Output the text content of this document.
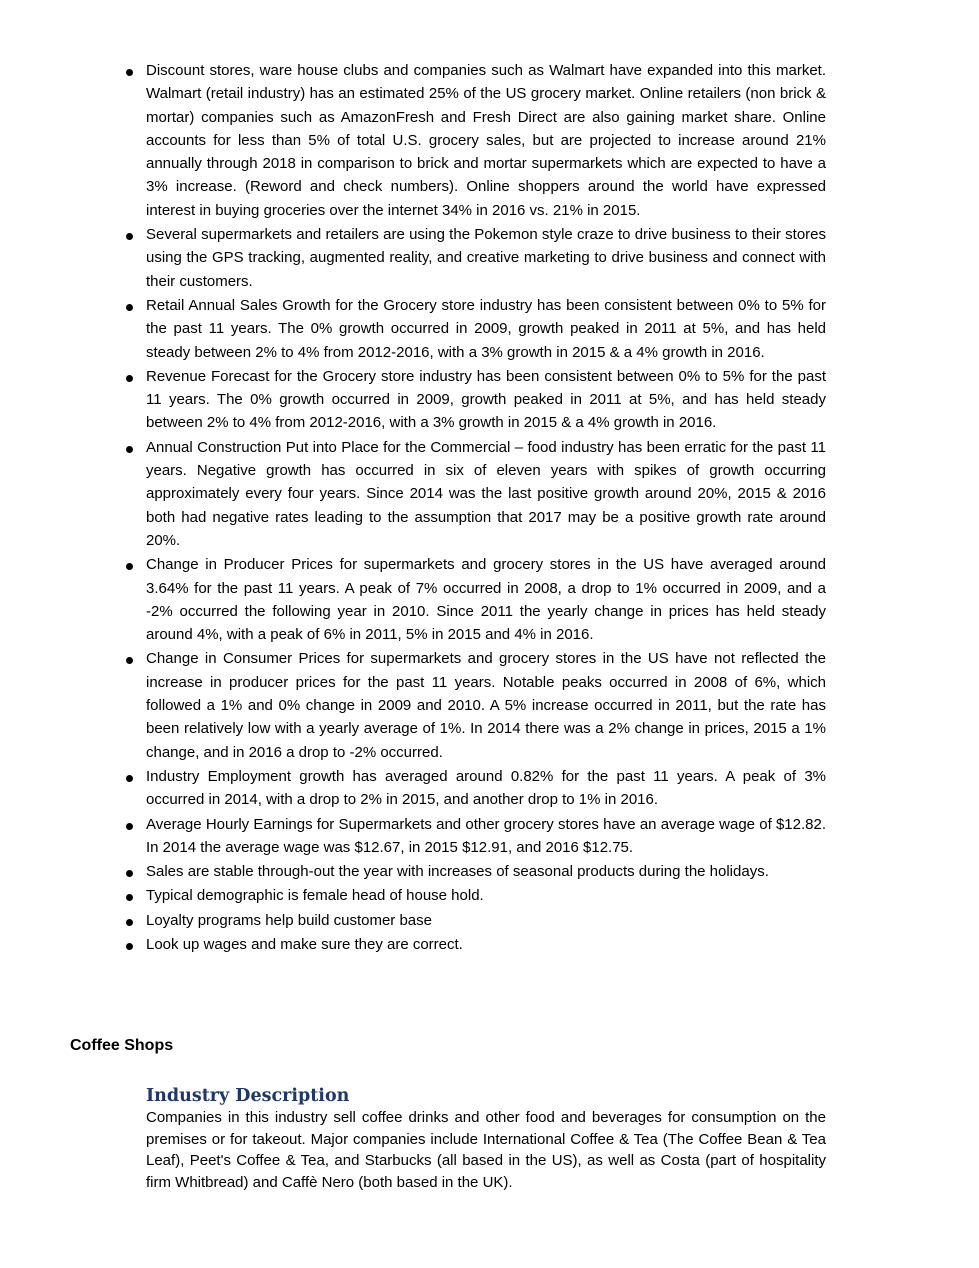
Discount stores, ware house clubs and companies such as Walmart have expanded into this market. Walmart (retail industry) has an estimated 25% of the US grocery market. Online retailers (non brick & mortar) companies such as AmazonFresh and Fresh Direct are also gaining market share. Online accounts for less than 5% of total U.S. grocery sales, but are projected to increase around 21% annually through 2018 in comparison to brick and mortar supermarkets which are expected to have a 3% increase. (Reword and check numbers). Online shoppers around the world have expressed interest in buying groceries over the internet 34% in 2016 vs. 21% in 2015.
Several supermarkets and retailers are using the Pokemon style craze to drive business to their stores using the GPS tracking, augmented reality, and creative marketing to drive business and connect with their customers.
Retail Annual Sales Growth for the Grocery store industry has been consistent between 0% to 5% for the past 11 years. The 0% growth occurred in 2009, growth peaked in 2011 at 5%, and has held steady between 2% to 4% from 2012-2016, with a 3% growth in 2015 & a 4% growth in 2016.
Revenue Forecast for the Grocery store industry has been consistent between 0% to 5% for the past 11 years. The 0% growth occurred in 2009, growth peaked in 2011 at 5%, and has held steady between 2% to 4% from 2012-2016, with a 3% growth in 2015 & a 4% growth in 2016.
Annual Construction Put into Place for the Commercial – food industry has been erratic for the past 11 years. Negative growth has occurred in six of eleven years with spikes of growth occurring approximately every four years. Since 2014 was the last positive growth around 20%, 2015 & 2016 both had negative rates leading to the assumption that 2017 may be a positive growth rate around 20%.
Change in Producer Prices for supermarkets and grocery stores in the US have averaged around 3.64% for the past 11 years. A peak of 7% occurred in 2008, a drop to 1% occurred in 2009, and a -2% occurred the following year in 2010. Since 2011 the yearly change in prices has held steady around 4%, with a peak of 6% in 2011, 5% in 2015 and 4% in 2016.
Change in Consumer Prices for supermarkets and grocery stores in the US have not reflected the increase in producer prices for the past 11 years. Notable peaks occurred in 2008 of 6%, which followed a 1% and 0% change in 2009 and 2010. A 5% increase occurred in 2011, but the rate has been relatively low with a yearly average of 1%. In 2014 there was a 2% change in prices, 2015 a 1% change, and in 2016 a drop to -2% occurred.
Industry Employment growth has averaged around 0.82% for the past 11 years. A peak of 3% occurred in 2014, with a drop to 2% in 2015, and another drop to 1% in 2016.
Average Hourly Earnings for Supermarkets and other grocery stores have an average wage of $12.82. In 2014 the average wage was $12.67, in 2015 $12.91, and 2016 $12.75.
Sales are stable through-out the year with increases of seasonal products during the holidays.
Typical demographic is female head of house hold.
Loyalty programs help build customer base
Look up wages and make sure they are correct.
Coffee Shops
Industry Description

Companies in this industry sell coffee drinks and other food and beverages for consumption on the premises or for takeout. Major companies include International Coffee & Tea (The Coffee Bean & Tea Leaf), Peet's Coffee & Tea, and Starbucks (all based in the US), as well as Costa (part of hospitality firm Whitbread) and Caffè Nero (both based in the UK).
